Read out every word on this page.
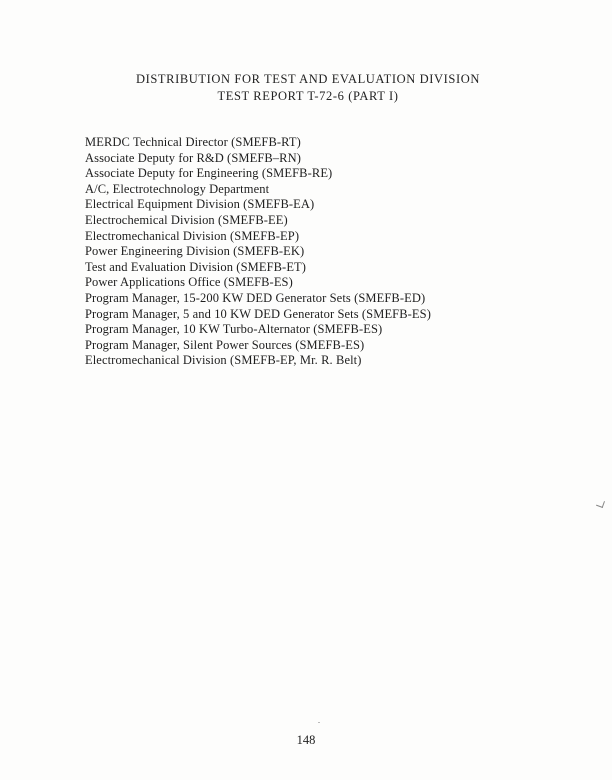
DISTRIBUTION FOR TEST AND EVALUATION DIVISION
TEST REPORT T-72-6 (PART I)
MERDC Technical Director (SMEFB-RT)
Associate Deputy for R&D (SMEFB–RN)
Associate Deputy for Engineering (SMEFB-RE)
A/C, Electrotechnology Department
Electrical Equipment Division (SMEFB-EA)
Electrochemical Division (SMEFB-EE)
Electromechanical Division (SMEFB-EP)
Power Engineering Division (SMEFB-EK)
Test and Evaluation Division (SMEFB-ET)
Power Applications Office (SMEFB-ES)
Program Manager, 15-200 KW DED Generator Sets (SMEFB-ED)
Program Manager, 5 and 10 KW DED Generator Sets (SMEFB-ES)
Program Manager, 10 KW Turbo-Alternator (SMEFB-ES)
Program Manager, Silent Power Sources (SMEFB-ES)
Electromechanical Division (SMEFB-EP, Mr. R. Belt)
148
